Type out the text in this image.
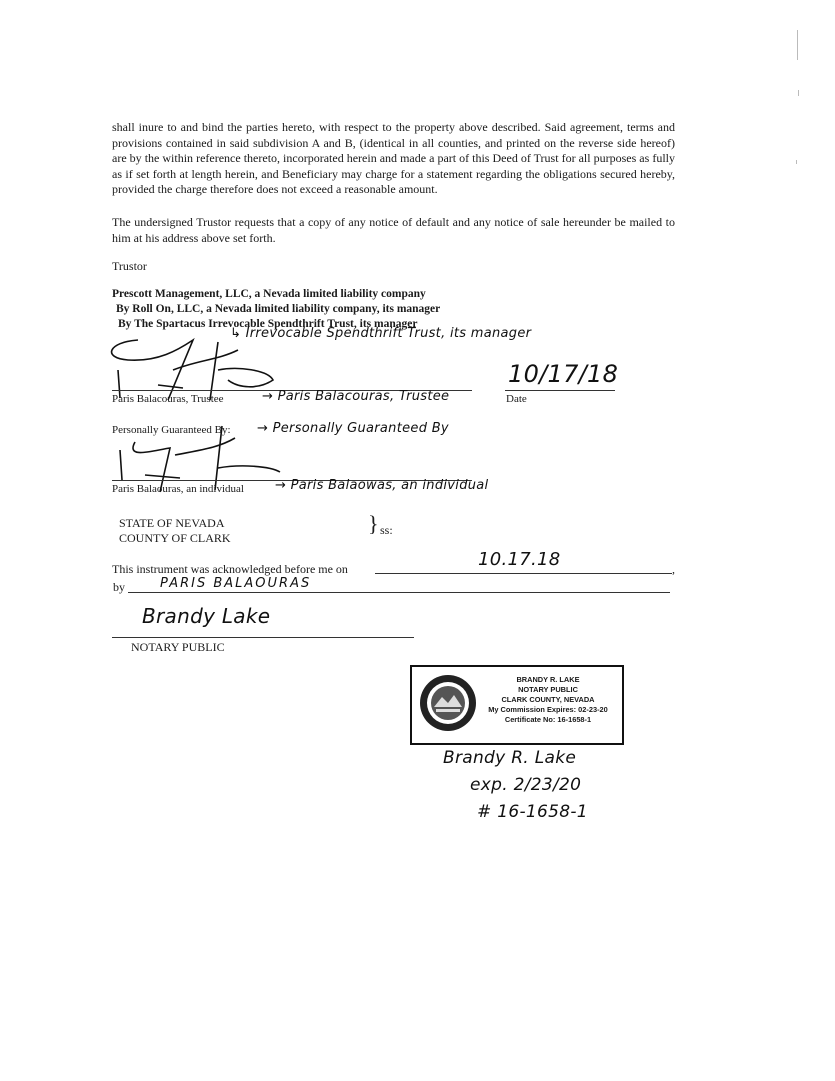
shall inure to and bind the parties hereto, with respect to the property above described. Said agreement, terms and provisions contained in said subdivision A and B, (identical in all counties, and printed on the reverse side hereof) are by the within reference thereto, incorporated herein and made a part of this Deed of Trust for all purposes as fully as if set forth at length herein, and Beneficiary may charge for a statement regarding the obligations secured hereby, provided the charge therefore does not exceed a reasonable amount.

The undersigned Trustor requests that a copy of any notice of default and any notice of sale hereunder be mailed to him at his address above set forth.

Trustor
Prescott Management, LLC, a Nevada limited liability company
By Roll On, LLC, a Nevada limited liability company, its manager
By The Spartacus Irrevocable Spendthrift Trust, its manager
↳ Irrevocable Spendthrift Trust, its manager
Paris Balacouras, Trustee	→ Paris Balacouras, Trustee	Date
10/17/18
Personally Guaranteed By: → Personally Guaranteed By
Paris Balaouras, an individual → Paris Balaowas, an individual
STATE OF NEVADA
COUNTY OF CLARK
} ss:
This instrument was acknowledged before me on	,
10.17.18
by	PARIS BALAOURAS
Brandy Lake
NOTARY PUBLIC
BRANDY R. LAKE
NOTARY PUBLIC
CLARK COUNTY, NEVADA
My Commission Expires: 02-23-20
Certificate No: 16-1658-1
Brandy R. Lake
exp. 2/23/20
# 16-1658-1
